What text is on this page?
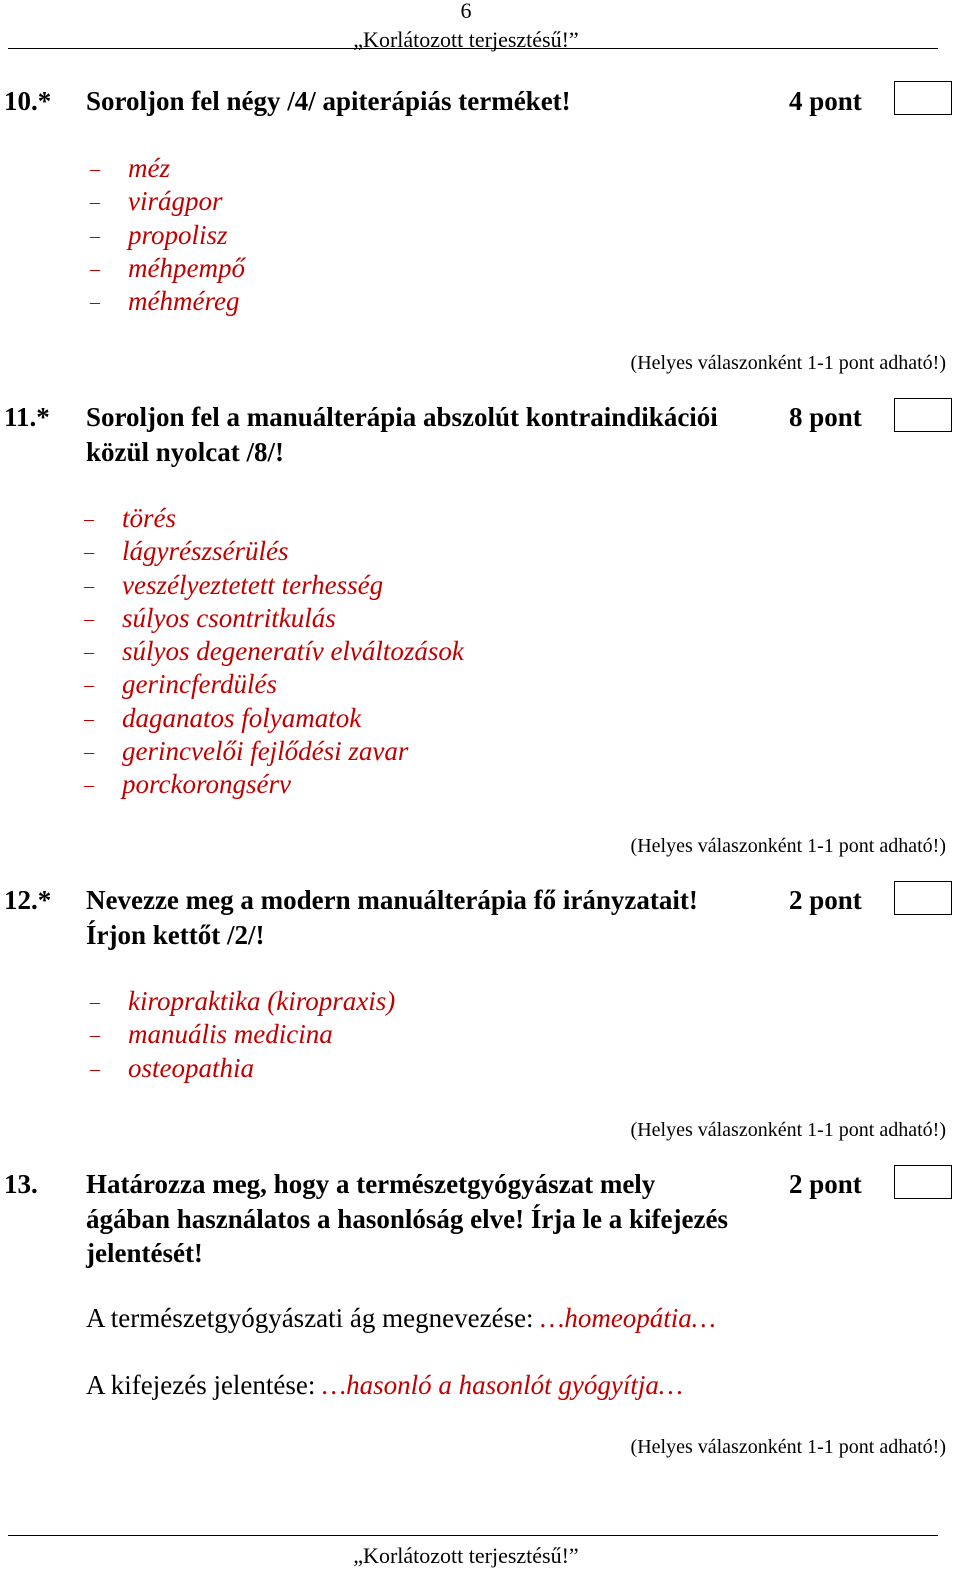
6
„Korlátozott terjesztésű!”
10.* Soroljon fel négy /4/ apiterápiás terméket!	4 pont
– méz
– virágpor
– propolisz
– méhpempő
– méhméreg
(Helyes válaszonként 1-1 pont adható!)
11.* Soroljon fel a manuálterápia abszolút kontraindikációi
közül nyolcat /8/!
8 pont
– törés
– lágyrészsérülés
– veszélyeztetett terhesség
– súlyos csontritkulás
– súlyos degeneratív elváltozások
– gerincferdülés
– daganatos folyamatok
– gerincvelői fejlődési zavar
– porckorongsérv
(Helyes válaszonként 1-1 pont adható!)
12.* Nevezze meg a modern manuálterápia fő irányzatait!
Írjon kettőt /2/!
2 pont
– kiropraktika (kiropraxis)
– manuális medicina
– osteopathia
(Helyes válaszonként 1-1 pont adható!)
13. Határozza meg, hogy a természetgyógyászat mely
ágában használatos a hasonlóság elve! Írja le a kifejezés
jelentését!
2 pont
A természetgyógyászati ág megnevezése: …homeopátia…
A kifejezés jelentése: …hasonló a hasonlót gyógyítja…
(Helyes válaszonként 1-1 pont adható!)
„Korlátozott terjesztésű!”
